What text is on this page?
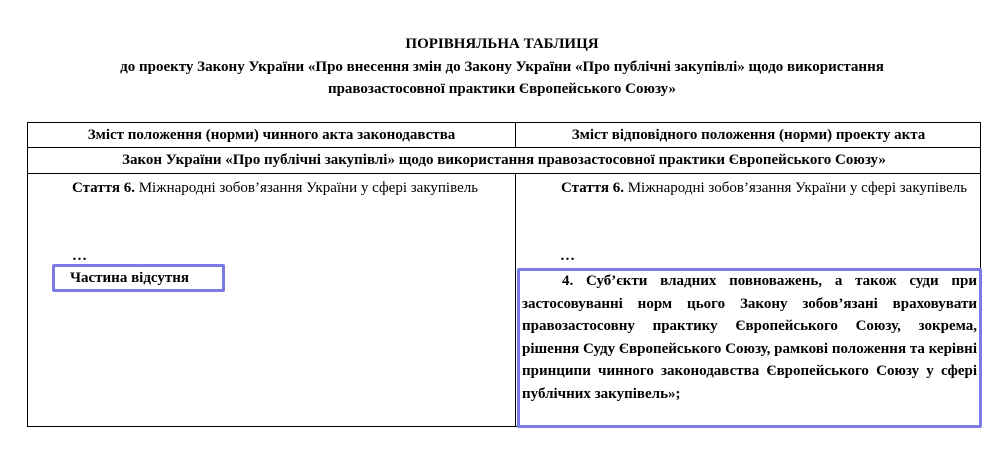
ПОРІВНЯЛЬНА ТАБЛИЦЯ
до проекту Закону України «Про внесення змін до Закону України «Про публічні закупівлі» щодо використання
правозастосовної практики Європейського Союзу»
Зміст положення (норми) чинного акта законодавства	Зміст відповідного положення (норми) проекту акта
Закон України «Про публічні закупівлі» щодо використання правозастосовної практики Європейського Союзу»
Стаття 6. Міжнародні зобов’язання України у сфері закупівель
…
Частина відсутня
Стаття 6. Міжнародні зобов’язання України у сфері закупівель
…
4. Суб’єкти владних повноважень, а також суди при застосовуванні норм цього Закону зобов’язані враховувати правозастосовну практику Європейського Союзу, зокрема, рішення Суду Європейського Союзу, рамкові положення та керівні принципи чинного законодавства Європейського Союзу у сфері публічних закупівель»;
